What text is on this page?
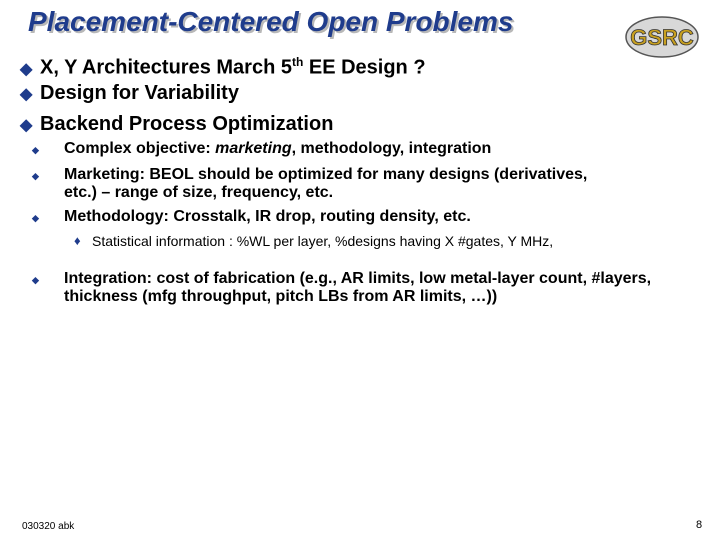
Placement-Centered Open Problems
GSRC
◆ X, Y Architectures March 5th EE Design ?
◆ Design for Variability
◆ Backend Process Optimization
◆	Complex objective: marketing, methodology, integration
◆	Marketing: BEOL should be optimized for many designs (derivatives, etc.) – range of size, frequency, etc.
◆	Methodology: Crosstalk, IR drop, routing density, etc.
♦ Statistical information : %WL per layer, %designs having X #gates, Y MHz,
◆	Integration: cost of fabrication (e.g., AR limits, low metal-layer count, #layers, thickness (mfg throughput, pitch LBs from AR limits, …))
030320 abk	8
